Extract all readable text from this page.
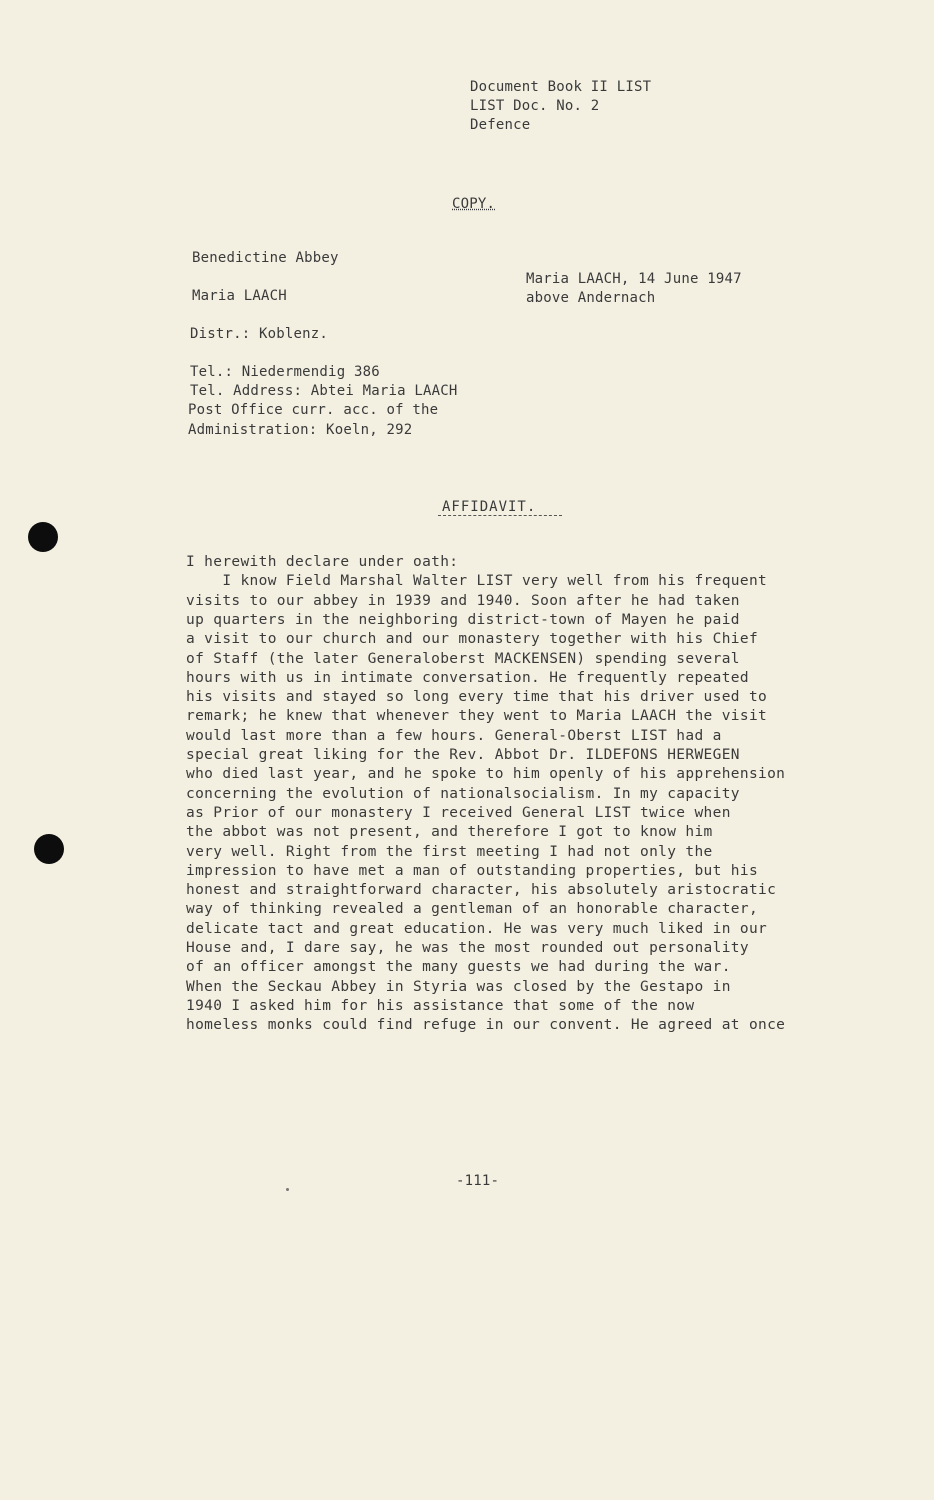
Document Book II LIST
LIST Doc. No. 2
Defence
COPY.
Benedictine Abbey
Maria LAACH
Distr.: Koblenz.
Tel.: Niedermendig 386
Tel. Address: Abtei Maria LAACH
Post Office curr. acc. of the
Administration: Koeln, 292
Maria LAACH, 14 June 1947
above Andernach
AFFIDAVIT.
I herewith declare under oath:
I know Field Marshal Walter LIST very well from his frequent
visits to our abbey in 1939 and 1940. Soon after he had taken
up quarters in the neighboring district-town of Mayen he paid
a visit to our church and our monastery together with his Chief
of Staff (the later Generaloberst MACKENSEN) spending several
hours with us in intimate conversation. He frequently repeated
his visits and stayed so long every time that his driver used to
remark; he knew that whenever they went to Maria LAACH the visit
would last more than a few hours. General-Oberst LIST had a
special great liking for the Rev. Abbot Dr. ILDEFONS HERWEGEN
who died last year, and he spoke to him openly of his apprehension
concerning the evolution of nationalsocialism. In my capacity
as Prior of our monastery I received General LIST twice when
the abbot was not present, and therefore I got to know him
very well. Right from the first meeting I had not only the
impression to have met a man of outstanding properties, but his
honest and straightforward character, his absolutely aristocratic
way of thinking revealed a gentleman of an honorable character,
delicate tact and great education. He was very much liked in our
House and, I dare say, he was the most rounded out personality
of an officer amongst the many guests we had during the war.
When the Seckau Abbey in Styria was closed by the Gestapo in
1940 I asked him for his assistance that some of the now
homeless monks could find refuge in our convent. He agreed at once
-111-
